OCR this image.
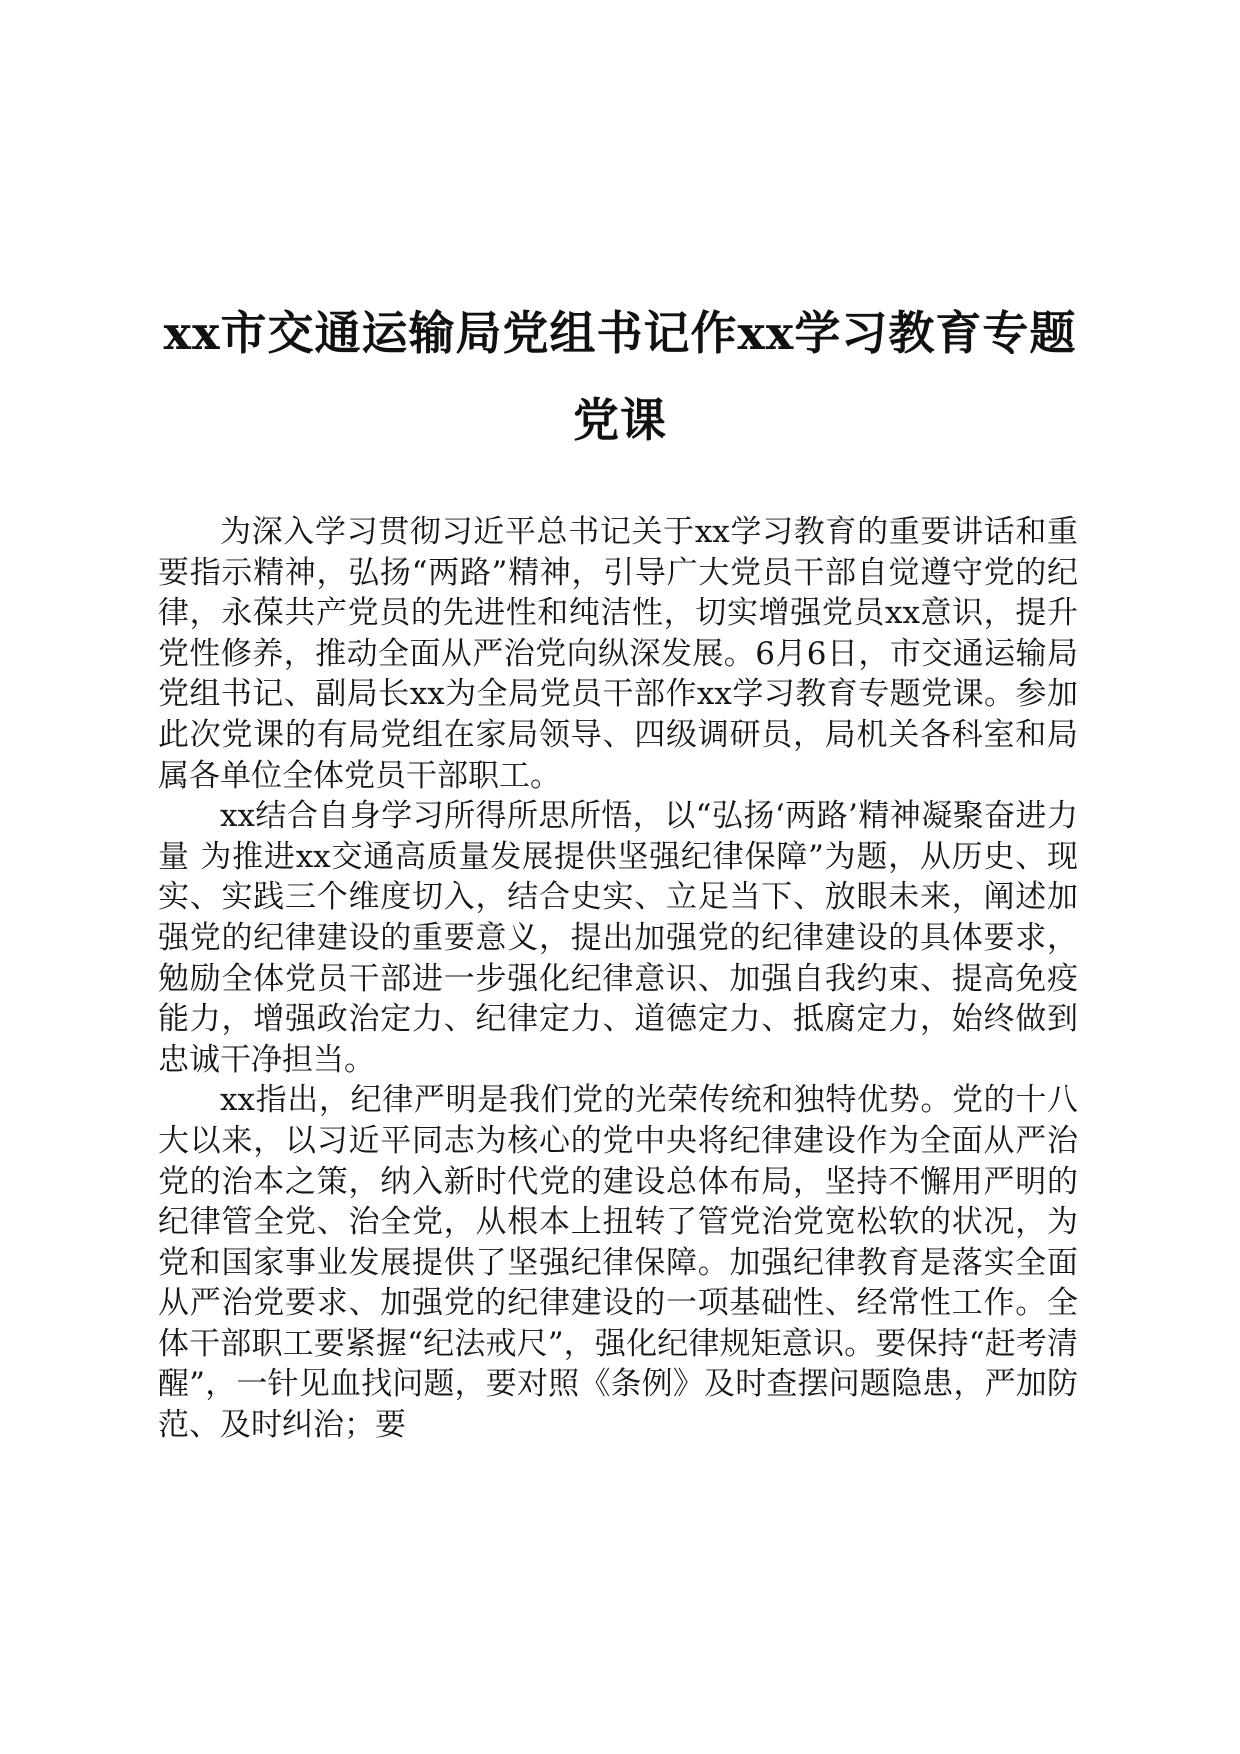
xx市交通运输局党组书记作xx学习教育专题
党课

为深入学习贯彻习近平总书记关于xx学习教育的重要讲话和重要指示精神，弘扬“两路”精神，引导广大党员干部自觉遵守党的纪律，永葆共产党员的先进性和纯洁性，切实增强党员xx意识，提升党性修养，推动全面从严治党向纵深发展。6月6日，市交通运输局党组书记、副局长xx为全局党员干部作xx学习教育专题党课。参加此次党课的有局党组在家局领导、四级调研员，局机关各科室和局属各单位全体党员干部职工。

xx结合自身学习所得所思所悟，以“弘扬‘两路’精神凝聚奋进力量 为推进xx交通高质量发展提供坚强纪律保障”为题，从历史、现实、实践三个维度切入，结合史实、立足当下、放眼未来，阐述加强党的纪律建设的重要意义，提出加强党的纪律建设的具体要求，勉励全体党员干部进一步强化纪律意识、加强自我约束、提高免疫能力，增强政治定力、纪律定力、道德定力、抵腐定力，始终做到忠诚干净担当。

xx指出，纪律严明是我们党的光荣传统和独特优势。党的十八大以来，以习近平同志为核心的党中央将纪律建设作为全面从严治党的治本之策，纳入新时代党的建设总体布局，坚持不懈用严明的纪律管全党、治全党，从根本上扭转了管党治党宽松软的状况，为党和国家事业发展提供了坚强纪律保障。加强纪律教育是落实全面从严治党要求、加强党的纪律建设的一项基础性、经常性工作。全体干部职工要紧握“纪法戒尺”，强化纪律规矩意识。要保持“赶考清醒”，一针见血找问题，要对照《条例》及时查摆问题隐患，严加防范、及时纠治；要
